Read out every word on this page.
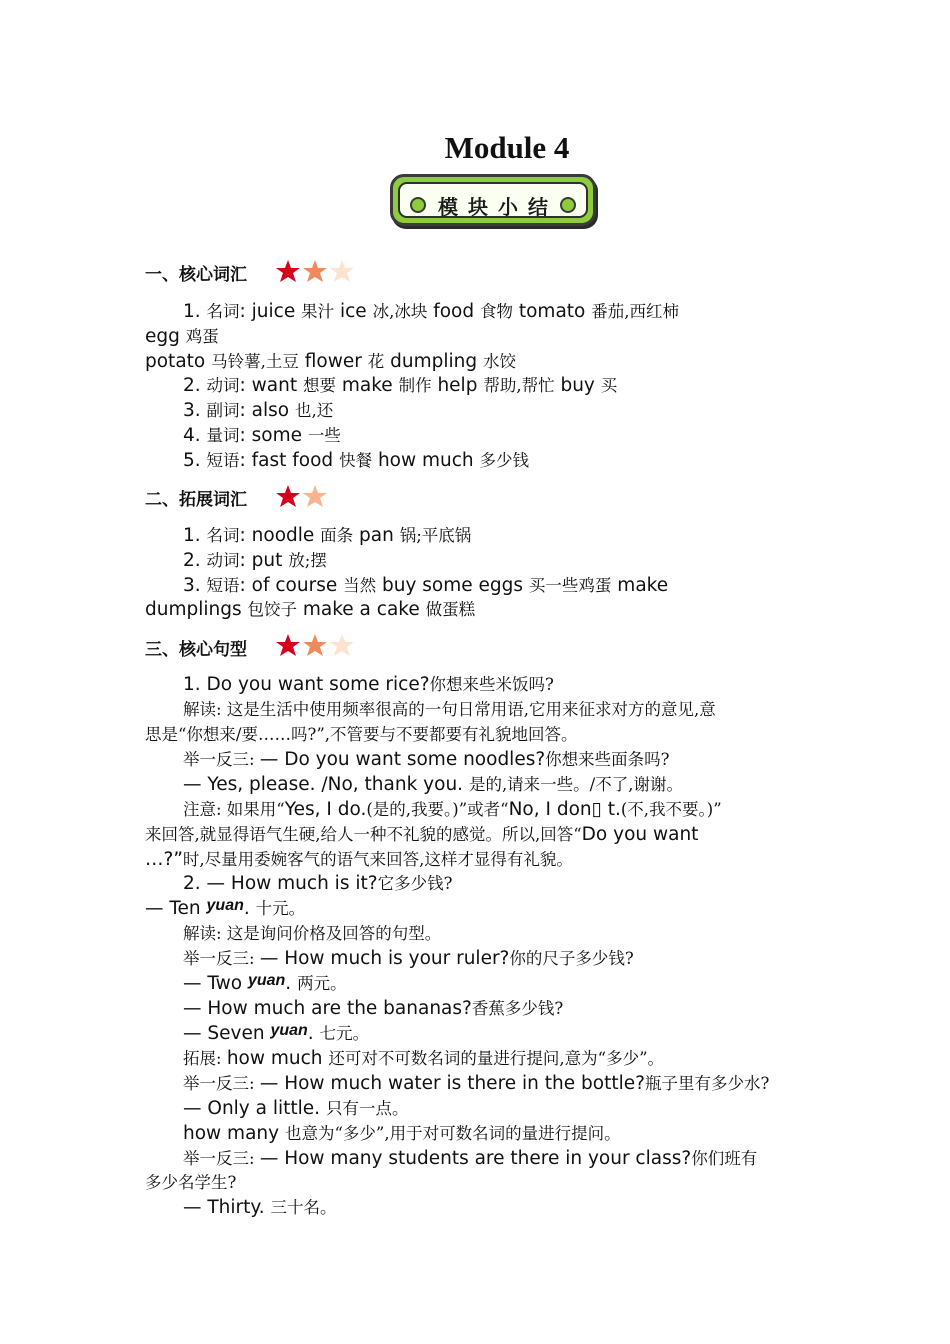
Module 4
模块小结
一、核心词汇
二、拓展词汇
三、核心句型
1. 名词: juice 果汁 ice 冰,冰块 food 食物 tomato 番茄,西红柿
egg 鸡蛋
potato 马铃薯,土豆 flower 花 dumpling 水饺
2. 动词: want 想要 make 制作 help 帮助,帮忙 buy 买
3. 副词: also 也,还
4. 量词: some 一些
5. 短语: fast food 快餐 how much 多少钱
1. 名词: noodle 面条 pan 锅;平底锅
2. 动词: put 放;摆
3. 短语: of course 当然 buy some eggs 买一些鸡蛋 make
dumplings 包饺子 make a cake 做蛋糕
1. Do you want some rice?你想来些米饭吗?
解读: 这是生活中使用频率很高的一句日常用语,它用来征求对方的意见,意
思是“你想来/要……吗?”,不管要与不要都要有礼貌地回答。
举一反三: — Do you want some noodles?你想来些面条吗?
— Yes, please. /No, thank you. 是的,请来一些。/不了,谢谢。
注意: 如果用“Yes, I do.(是的,我要。)”或者“No, I don▯ t.(不,我不要。)”
来回答,就显得语气生硬,给人一种不礼貌的感觉。所以,回答“Do you want
…?”时,尽量用委婉客气的语气来回答,这样才显得有礼貌。
2. — How much is it?它多少钱?
— Ten yuan. 十元。
解读: 这是询问价格及回答的句型。
举一反三: — How much is your ruler?你的尺子多少钱?
— Two yuan. 两元。
— How much are the bananas?香蕉多少钱?
— Seven yuan. 七元。
拓展: how much 还可对不可数名词的量进行提问,意为“多少”。
举一反三: — How much water is there in the bottle?瓶子里有多少水?
— Only a little. 只有一点。
how many 也意为“多少”,用于对可数名词的量进行提问。
举一反三: — How many students are there in your class?你们班有
多少名学生?
— Thirty. 三十名。
